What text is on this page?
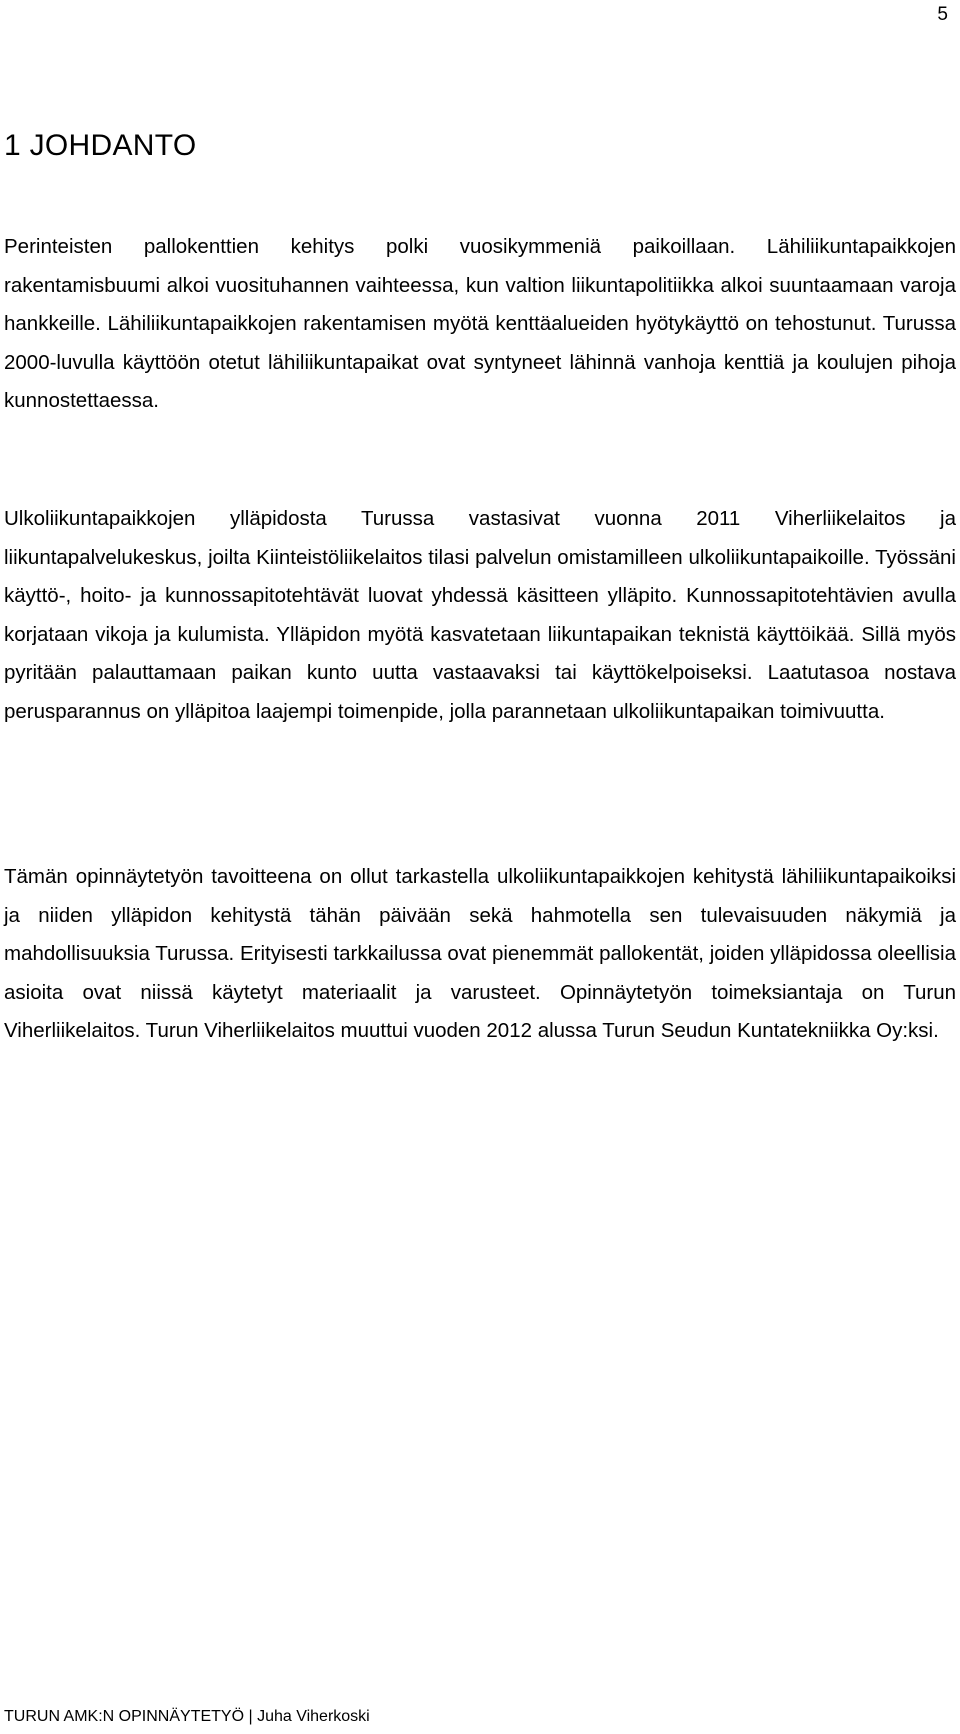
5
1 JOHDANTO

Perinteisten pallokenttien kehitys polki vuosikymmeniä paikoillaan. Lähiliikuntapaikkojen rakentamisbuumi alkoi vuosituhannen vaihteessa, kun valtion liikuntapolitiikka alkoi suuntaamaan varoja hankkeille. Lähiliikuntapaikkojen rakentamisen myötä kenttäalueiden hyötykäyttö on tehostunut. Turussa 2000-luvulla käyttöön otetut lähiliikuntapaikat ovat syntyneet lähinnä vanhoja kenttiä ja koulujen pihoja kunnostettaessa.

Ulkoliikuntapaikkojen ylläpidosta Turussa vastasivat vuonna 2011 Viherliikelaitos ja liikuntapalvelukeskus, joilta Kiinteistöliikelaitos tilasi palvelun omistamilleen ulkoliikuntapaikoille. Työssäni käyttö-, hoito- ja kunnossapitotehtävät luovat yhdessä käsitteen ylläpito. Kunnossapitotehtävien avulla korjataan vikoja ja kulumista. Ylläpidon myötä kasvatetaan liikuntapaikan teknistä käyttöikää. Sillä myös pyritään palauttamaan paikan kunto uutta vastaavaksi tai käyttökelpoiseksi. Laatutasoa nostava perusparannus on ylläpitoa laajempi toimenpide, jolla parannetaan ulkoliikuntapaikan toimivuutta.

Tämän opinnäytetyön tavoitteena on ollut tarkastella ulkoliikuntapaikkojen kehitystä lähiliikuntapaikoiksi ja niiden ylläpidon kehitystä tähän päivään sekä hahmotella sen tulevaisuuden näkymiä ja mahdollisuuksia Turussa. Erityisesti tarkkailussa ovat pienemmät pallokentät, joiden ylläpidossa oleellisia asioita ovat niissä käytetyt materiaalit ja varusteet. Opinnäytetyön toimeksiantaja on Turun Viherliikelaitos. Turun Viherliikelaitos muuttui vuoden 2012 alussa Turun Seudun Kuntatekniikka Oy:ksi.

TURUN AMK:N OPINNÄYTETYÖ | Juha Viherkoski
